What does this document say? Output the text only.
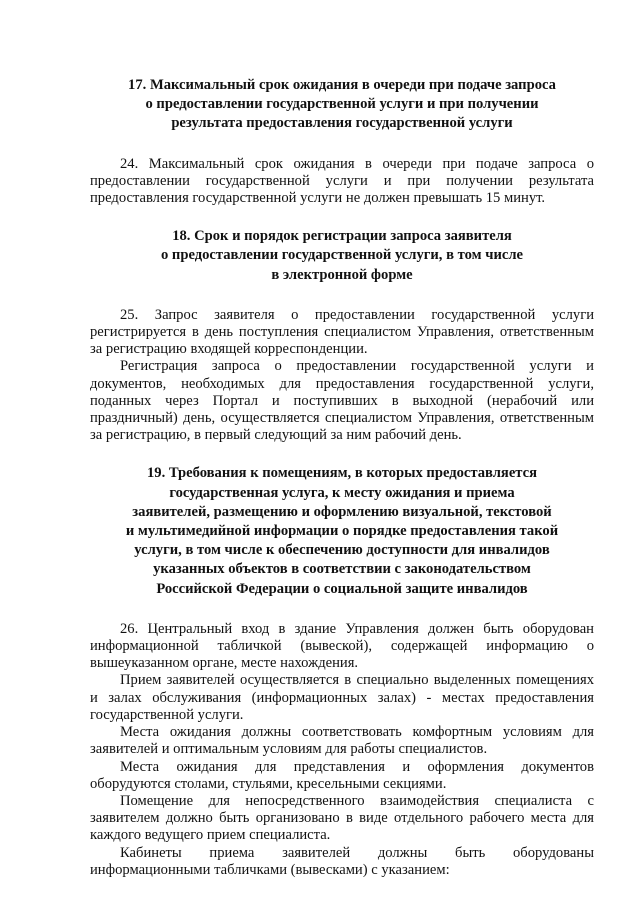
17. Максимальный срок ожидания в очереди при подаче запроса
о предоставлении государственной услуги и при получении
результата предоставления государственной услуги

24. Максимальный срок ожидания в очереди при подаче запроса о предоставлении государственной услуги и при получении результата предоставления государственной услуги не должен превышать 15 минут.

18. Срок и порядок регистрации запроса заявителя
о предоставлении государственной услуги, в том числе
в электронной форме

25. Запрос заявителя о предоставлении государственной услуги регистрируется в день поступления специалистом Управления, ответственным за регистрацию входящей корреспонденции.

Регистрация запроса о предоставлении государственной услуги и документов, необходимых для предоставления государственной услуги, поданных через Портал и поступивших в выходной (нерабочий или праздничный) день, осуществляется специалистом Управления, ответственным за регистрацию, в первый следующий за ним рабочий день.

19. Требования к помещениям, в которых предоставляется
государственная услуга, к месту ожидания и приема
заявителей, размещению и оформлению визуальной, текстовой
и мультимедийной информации о порядке предоставления такой
услуги, в том числе к обеспечению доступности для инвалидов
указанных объектов в соответствии с законодательством
Российской Федерации о социальной защите инвалидов

26. Центральный вход в здание Управления должен быть оборудован информационной табличкой (вывеской), содержащей информацию о вышеуказанном органе, месте нахождения.

Прием заявителей осуществляется в специально выделенных помещениях и залах обслуживания (информационных залах) - местах предоставления государственной услуги.

Места ожидания должны соответствовать комфортным условиям для заявителей и оптимальным условиям для работы специалистов.

Места ожидания для представления и оформления документов оборудуются столами, стульями, кресельными секциями.

Помещение для непосредственного взаимодействия специалиста с заявителем должно быть организовано в виде отдельного рабочего места для каждого ведущего прием специалиста.

Кабинеты приема заявителей должны быть оборудованы информационными табличками (вывесками) с указанием:
